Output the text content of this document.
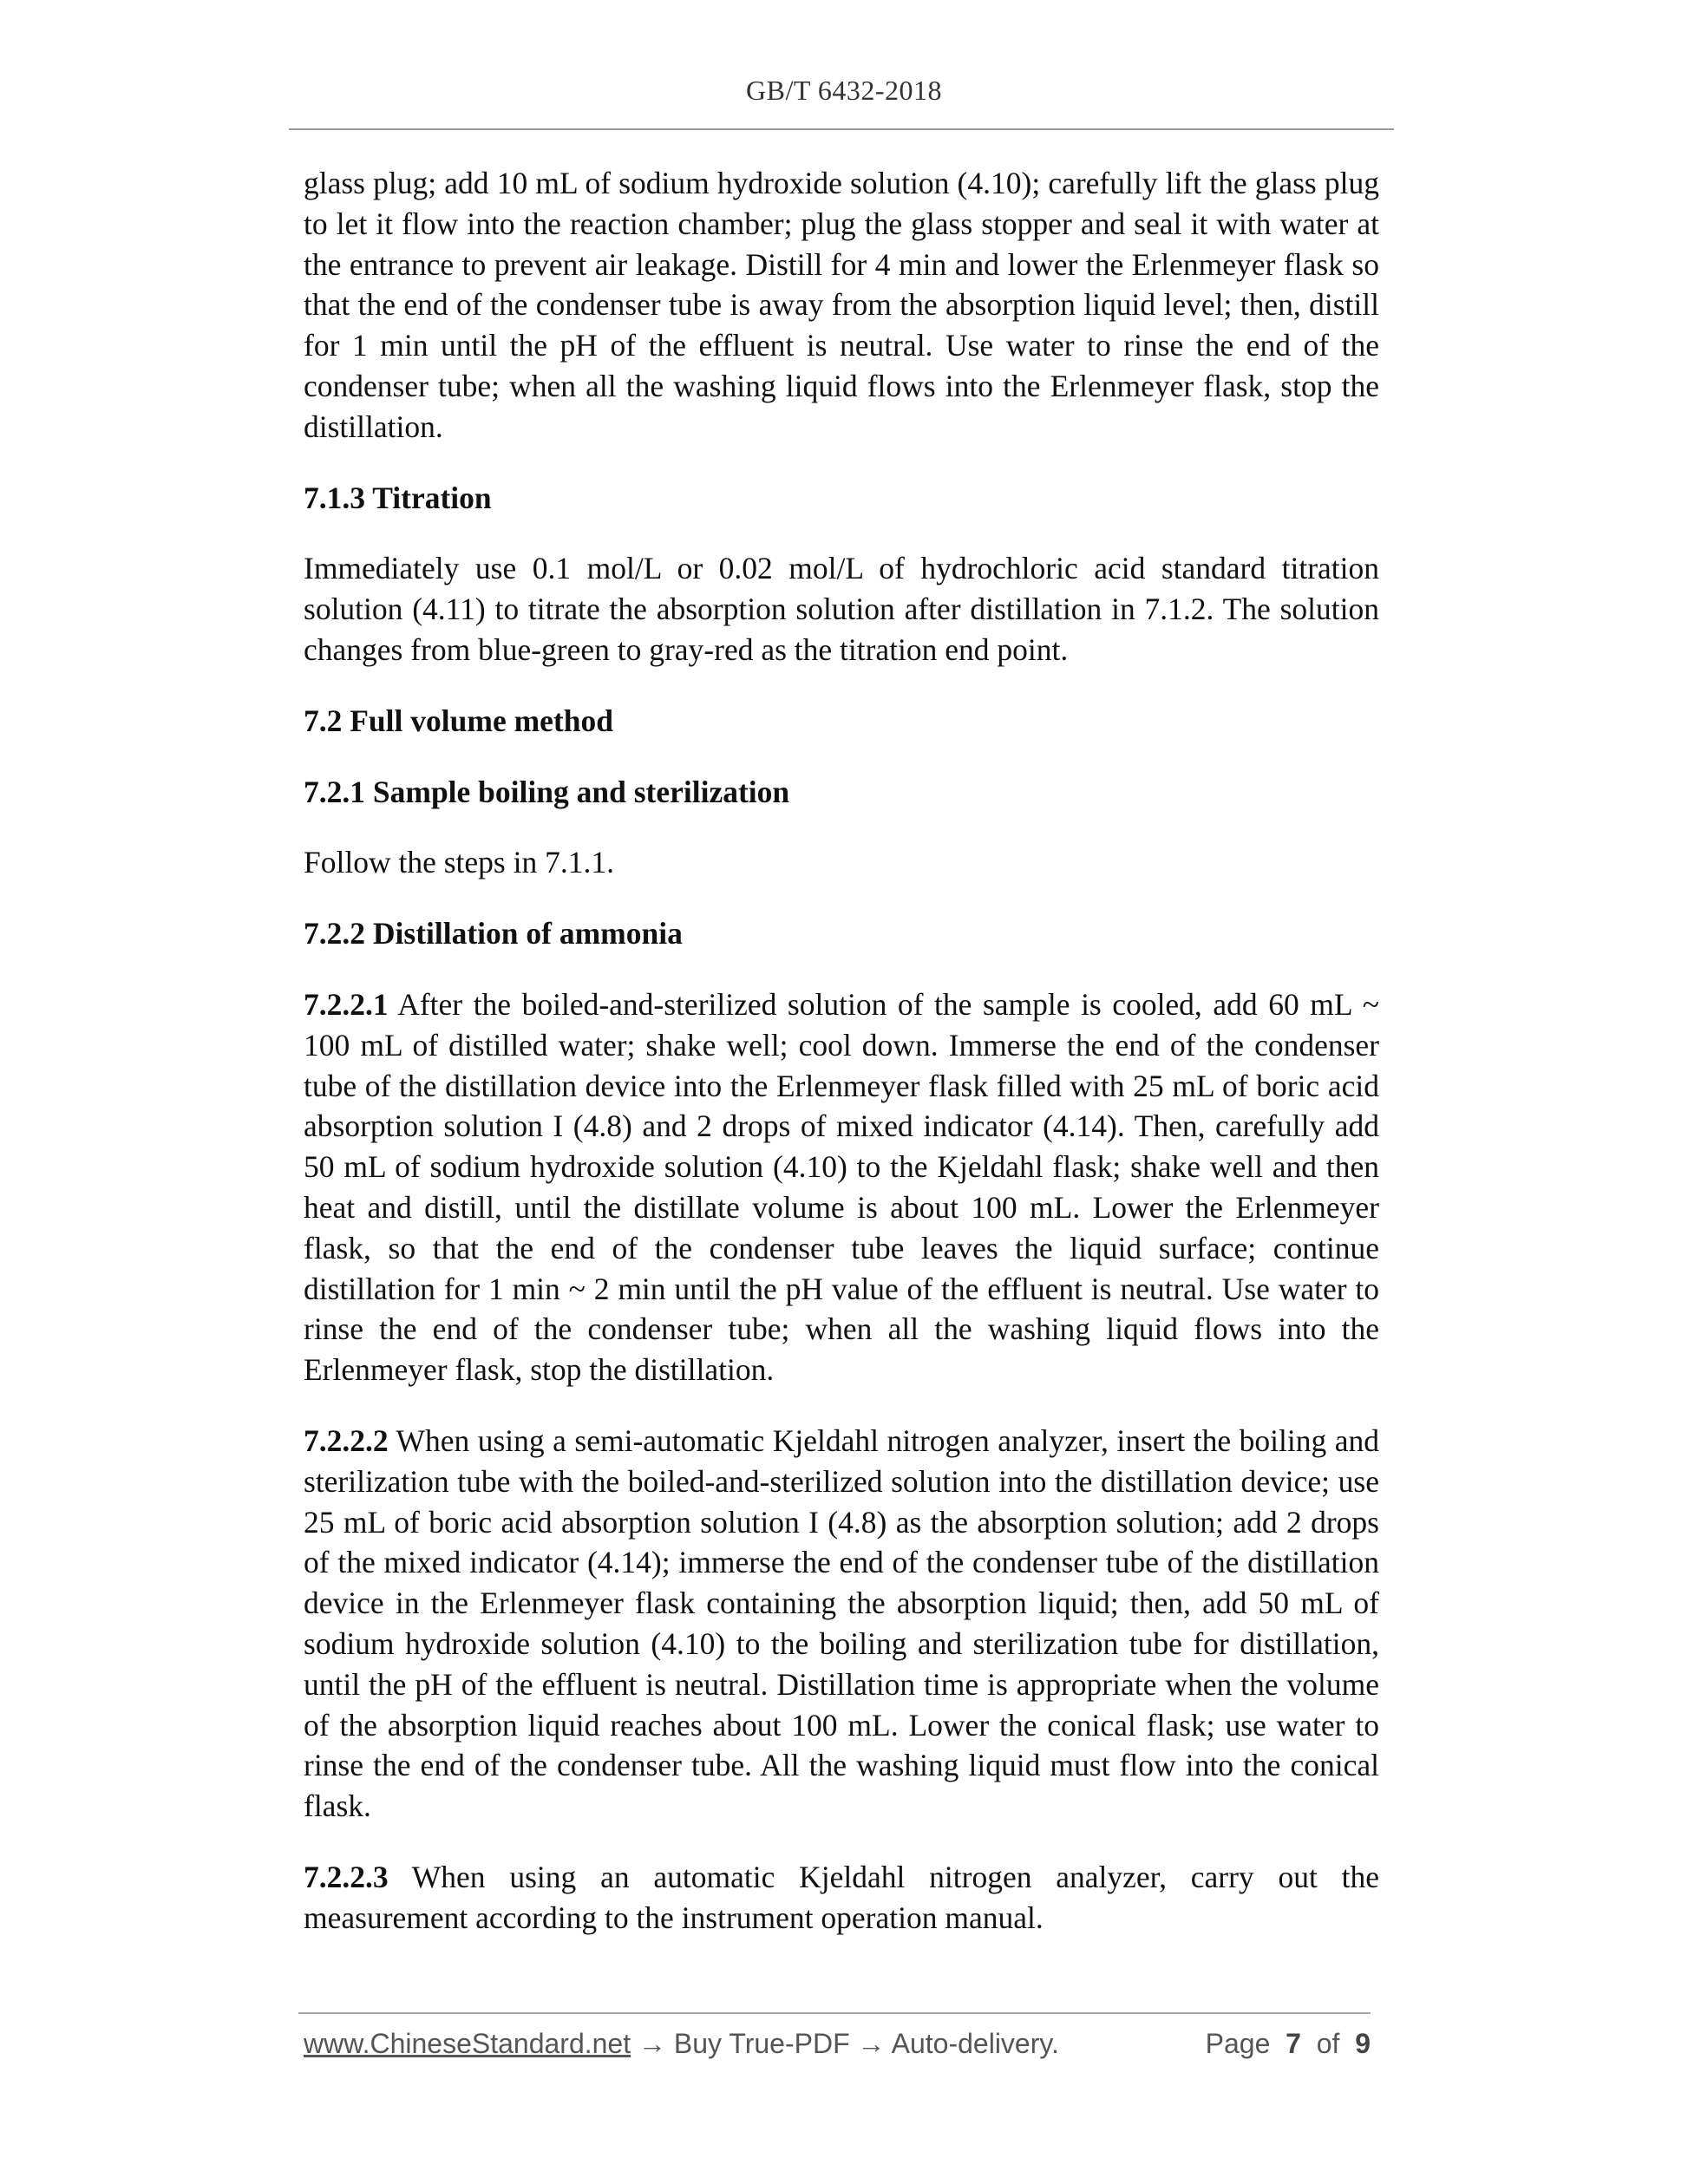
GB/T 6432-2018

glass plug; add 10 mL of sodium hydroxide solution (4.10); carefully lift the glass plug to let it flow into the reaction chamber; plug the glass stopper and seal it with water at the entrance to prevent air leakage. Distill for 4 min and lower the Erlenmeyer flask so that the end of the condenser tube is away from the absorption liquid level; then, distill for 1 min until the pH of the effluent is neutral. Use water to rinse the end of the condenser tube; when all the washing liquid flows into the Erlenmeyer flask, stop the distillation.

7.1.3 Titration

Immediately use 0.1 mol/L or 0.02 mol/L of hydrochloric acid standard titration solution (4.11) to titrate the absorption solution after distillation in 7.1.2. The solution changes from blue-green to gray-red as the titration end point.

7.2 Full volume method

7.2.1 Sample boiling and sterilization

Follow the steps in 7.1.1.

7.2.2 Distillation of ammonia

7.2.2.1 After the boiled-and-sterilized solution of the sample is cooled, add 60 mL ~ 100 mL of distilled water; shake well; cool down. Immerse the end of the condenser tube of the distillation device into the Erlenmeyer flask filled with 25 mL of boric acid absorption solution I (4.8) and 2 drops of mixed indicator (4.14). Then, carefully add 50 mL of sodium hydroxide solution (4.10) to the Kjeldahl flask; shake well and then heat and distill, until the distillate volume is about 100 mL. Lower the Erlenmeyer flask, so that the end of the condenser tube leaves the liquid surface; continue distillation for 1 min ~ 2 min until the pH value of the effluent is neutral. Use water to rinse the end of the condenser tube; when all the washing liquid flows into the Erlenmeyer flask, stop the distillation.

7.2.2.2 When using a semi-automatic Kjeldahl nitrogen analyzer, insert the boiling and sterilization tube with the boiled-and-sterilized solution into the distillation device; use 25 mL of boric acid absorption solution I (4.8) as the absorption solution; add 2 drops of the mixed indicator (4.14); immerse the end of the condenser tube of the distillation device in the Erlenmeyer flask containing the absorption liquid; then, add 50 mL of sodium hydroxide solution (4.10) to the boiling and sterilization tube for distillation, until the pH of the effluent is neutral. Distillation time is appropriate when the volume of the absorption liquid reaches about 100 mL. Lower the conical flask; use water to rinse the end of the condenser tube. All the washing liquid must flow into the conical flask.

7.2.2.3 When using an automatic Kjeldahl nitrogen analyzer, carry out the measurement according to the instrument operation manual.

www.ChineseStandard.net → Buy True-PDF → Auto-delivery.	Page 7 of 9
